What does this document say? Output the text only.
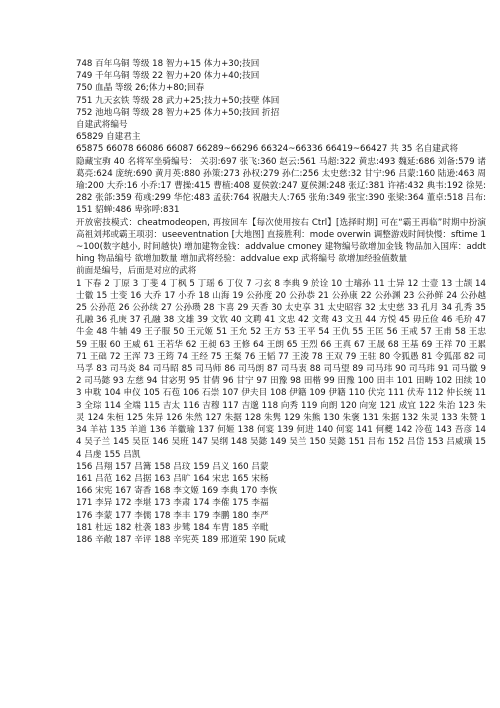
748 百年乌铜 等级 18 智力+15 体力+30;技回
749 千年乌铜 等级 22 智力+20 体力+40;技回
750 血晶 等级 26;体力+80;回春
751 九天玄铁 等级 28 武力+25;技力+50;技壁 体回
752 池地乌铜 等级 28 智力+25 体力+50;技回 折招
自建武将编号
65829 自建君主
65875 66078 66086 66087 66289~66296 66324~66336 66419~66427 共 35 名自建武将
隐藏宝驹 40 名将军坐骑编号： 关羽:697 张飞:360 赵云:561 马超:322 黄忠:493 魏延:686 刘备:579 诸葛亮:624 庞统:690 黄月英:880 孙策:273 孙权:279 孙仁:256 太史慈:32 甘宁:96 吕蒙:160 陆逊:463 周瑜:200 大乔:16 小乔:17 曹操:415 曹植:408 夏侯敦:247 夏侯渊:248 张辽:381 许褚:432 典韦:192 徐晃:282 张郃:359 荀彧:299 华佗:483 孟获:764 祝融夫人:765 张角:349 张宝:390 张梁:364 董卓:518 吕布:151 貂蝉:486 卑弥呼:831
开放密技模式：cheatmodeopen, 再按回车【每次使用按右 Ctrl】[选择时期] 可在“霸王再临”时期中扮演高祖刘邦或霸王项羽：useeventnation [大地图] 直接胜利：mode overwin 调整游戏时间快慢：sftime 1~100(数字越小, 时间越快) 增加建物金钱：addvalue cmoney 建物编号欲增加金钱 物品加入国库：addthing 物品编号 欲增加数量 增加武将经验：addvalue exp 武将编号 欲增加经验值数量
前面是编号，后面是对应的武将
1 下春 2 丁原 3 丁斐 4 丁枫 5 丁瑶 6 丁仪 7 刁玄 8 李典 9 於诠 10 士璿孙 11 士异 12 士壹 13 士颉 14 士徽 15 士变 16 大乔 17 小乔 18 山海 19 公孙度 20 公孙恭 21 公孙康 22 公孙渊 23 公孙鲜 24 公孙越 25 公孙范 26 公孙续 27 公孙瓒 28 卞喜 29 天香 30 太史享 31 太史昭容 32 太史慈 33 孔月 34 孔秀 35 孔融 36 孔庚 37 孔融 38 文雄 39 文钦 40 文聘 41 文忠 42 文鸯 43 文丑 44 方悦 45 毋丘俭 46 毛玠 47 牛金 48 牛辅 49 王子服 50 王元姬 51 王允 52 王方 53 王平 54 王仇 55 王匡 56 王戒 57 王甫 58 王忠 59 王服 60 王威 61 王若华 62 王昶 63 王修 64 王朗 65 王烈 66 王真 67 王晟 68 王基 69 王祥 70 王累 71 王础 72 王浑 73 王筠 74 王经 75 王粲 76 王韬 77 王浚 78 王双 79 王驻 80 令狐愚 81 令狐邵 82 司马孚 83 司马炎 84 司马昭 85 司马师 86 司马朗 87 司马衷 88 司马望 89 司马玮 90 司马玮 91 司马徽 92 司马懿 93 左慈 94 甘宓男 95 甘倩 96 甘宁 97 田豫 98 田楷 99 田豫 100 田丰 101 田畴 102 田续 103 申耽 104 申仪 105 石苞 106 石崇 107 伊夫目 108 伊籍 109 伊籍 110 伏完 111 伏寿 112 仲长统 113 全琮 114 全端 115 吉太 116 吉穆 117 吉邈 118 向秀 119 向朗 120 向宠 121 成宜 122 朱治 123 朱灵 124 朱桓 125 朱异 126 朱然 127 朱据 128 朱隽 129 朱熊 130 朱褒 131 朱据 132 朱灵 133 朱赞 134 羊祜 135 羊道 136 羊徽瑜 137 何姬 138 何宴 139 何进 140 何宴 141 何夔 142 冷苞 143 吾彦 144 吴子兰 145 吴臣 146 吴班 147 吴纲 148 吴懿 149 吴兰 150 吴懿 151 吕布 152 吕岱 153 吕威璜 154 吕虔 155 吕凯
156 吕翔 157 吕篝 158 吕玟 159 吕义 160 吕蒙
161 吕范 162 吕据 163 吕旷 164 宋忠 165 宋杨
166 宋宪 167 寄香 168 李文姬 169 李典 170 李恢
171 李异 172 李堪 173 李肃 174 李傕 175 李福
176 李蒙 177 李儒 178 李丰 179 李鹏 180 李严
181 杜远 182 杜袭 183 步骘 184 车胄 185 辛毗
186 辛敞 187 辛评 188 辛宪英 189 邢道荣 190 阮咸
